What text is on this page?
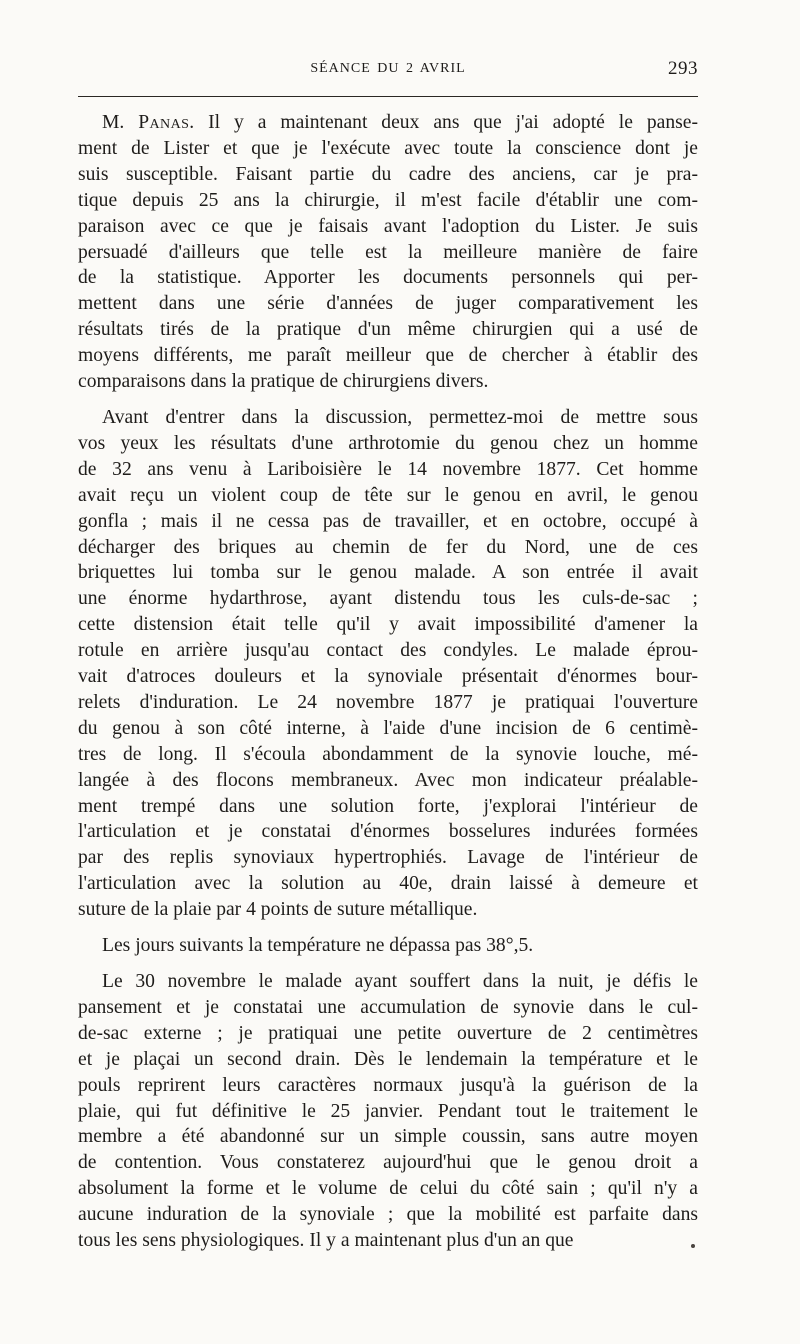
SÉANCE DU 2 AVRIL	293
M. Panas. Il y a maintenant deux ans que j'ai adopté le panse-
ment de Lister et que je l'exécute avec toute la conscience dont je
suis susceptible. Faisant partie du cadre des anciens, car je pra-
tique depuis 25 ans la chirurgie, il m'est facile d'établir une com-
paraison avec ce que je faisais avant l'adoption du Lister. Je suis
persuadé d'ailleurs que telle est la meilleure manière de faire
de la statistique. Apporter les documents personnels qui per-
mettent dans une série d'années de juger comparativement les
résultats tirés de la pratique d'un même chirurgien qui a usé de
moyens différents, me paraît meilleur que de chercher à établir des
comparaisons dans la pratique de chirurgiens divers.
Avant d'entrer dans la discussion, permettez-moi de mettre sous
vos yeux les résultats d'une arthrotomie du genou chez un homme
de 32 ans venu à Lariboisière le 14 novembre 1877. Cet homme
avait reçu un violent coup de tête sur le genou en avril, le genou
gonfla ; mais il ne cessa pas de travailler, et en octobre, occupé à
décharger des briques au chemin de fer du Nord, une de ces
briquettes lui tomba sur le genou malade. A son entrée il avait
une énorme hydarthrose, ayant distendu tous les culs-de-sac ;
cette distension était telle qu'il y avait impossibilité d'amener la
rotule en arrière jusqu'au contact des condyles. Le malade éprou-
vait d'atroces douleurs et la synoviale présentait d'énormes bour-
relets d'induration. Le 24 novembre 1877 je pratiquai l'ouverture
du genou à son côté interne, à l'aide d'une incision de 6 centimè-
tres de long. Il s'écoula abondamment de la synovie louche, mé-
langée à des flocons membraneux. Avec mon indicateur préalable-
ment trempé dans une solution forte, j'explorai l'intérieur de
l'articulation et je constatai d'énormes bosselures indurées formées
par des replis synoviaux hypertrophiés. Lavage de l'intérieur de
l'articulation avec la solution au 40e, drain laissé à demeure et
suture de la plaie par 4 points de suture métallique.
Les jours suivants la température ne dépassa pas 38°,5.
Le 30 novembre le malade ayant souffert dans la nuit, je défis le
pansement et je constatai une accumulation de synovie dans le cul-
de-sac externe ; je pratiquai une petite ouverture de 2 centimètres
et je plaçai un second drain. Dès le lendemain la température et le
pouls reprirent leurs caractères normaux jusqu'à la guérison de la
plaie, qui fut définitive le 25 janvier. Pendant tout le traitement le
membre a été abandonné sur un simple coussin, sans autre moyen
de contention. Vous constaterez aujourd'hui que le genou droit a
absolument la forme et le volume de celui du côté sain ; qu'il n'y a
aucune induration de la synoviale ; que la mobilité est parfaite dans
tous les sens physiologiques. Il y a maintenant plus d'un an que
